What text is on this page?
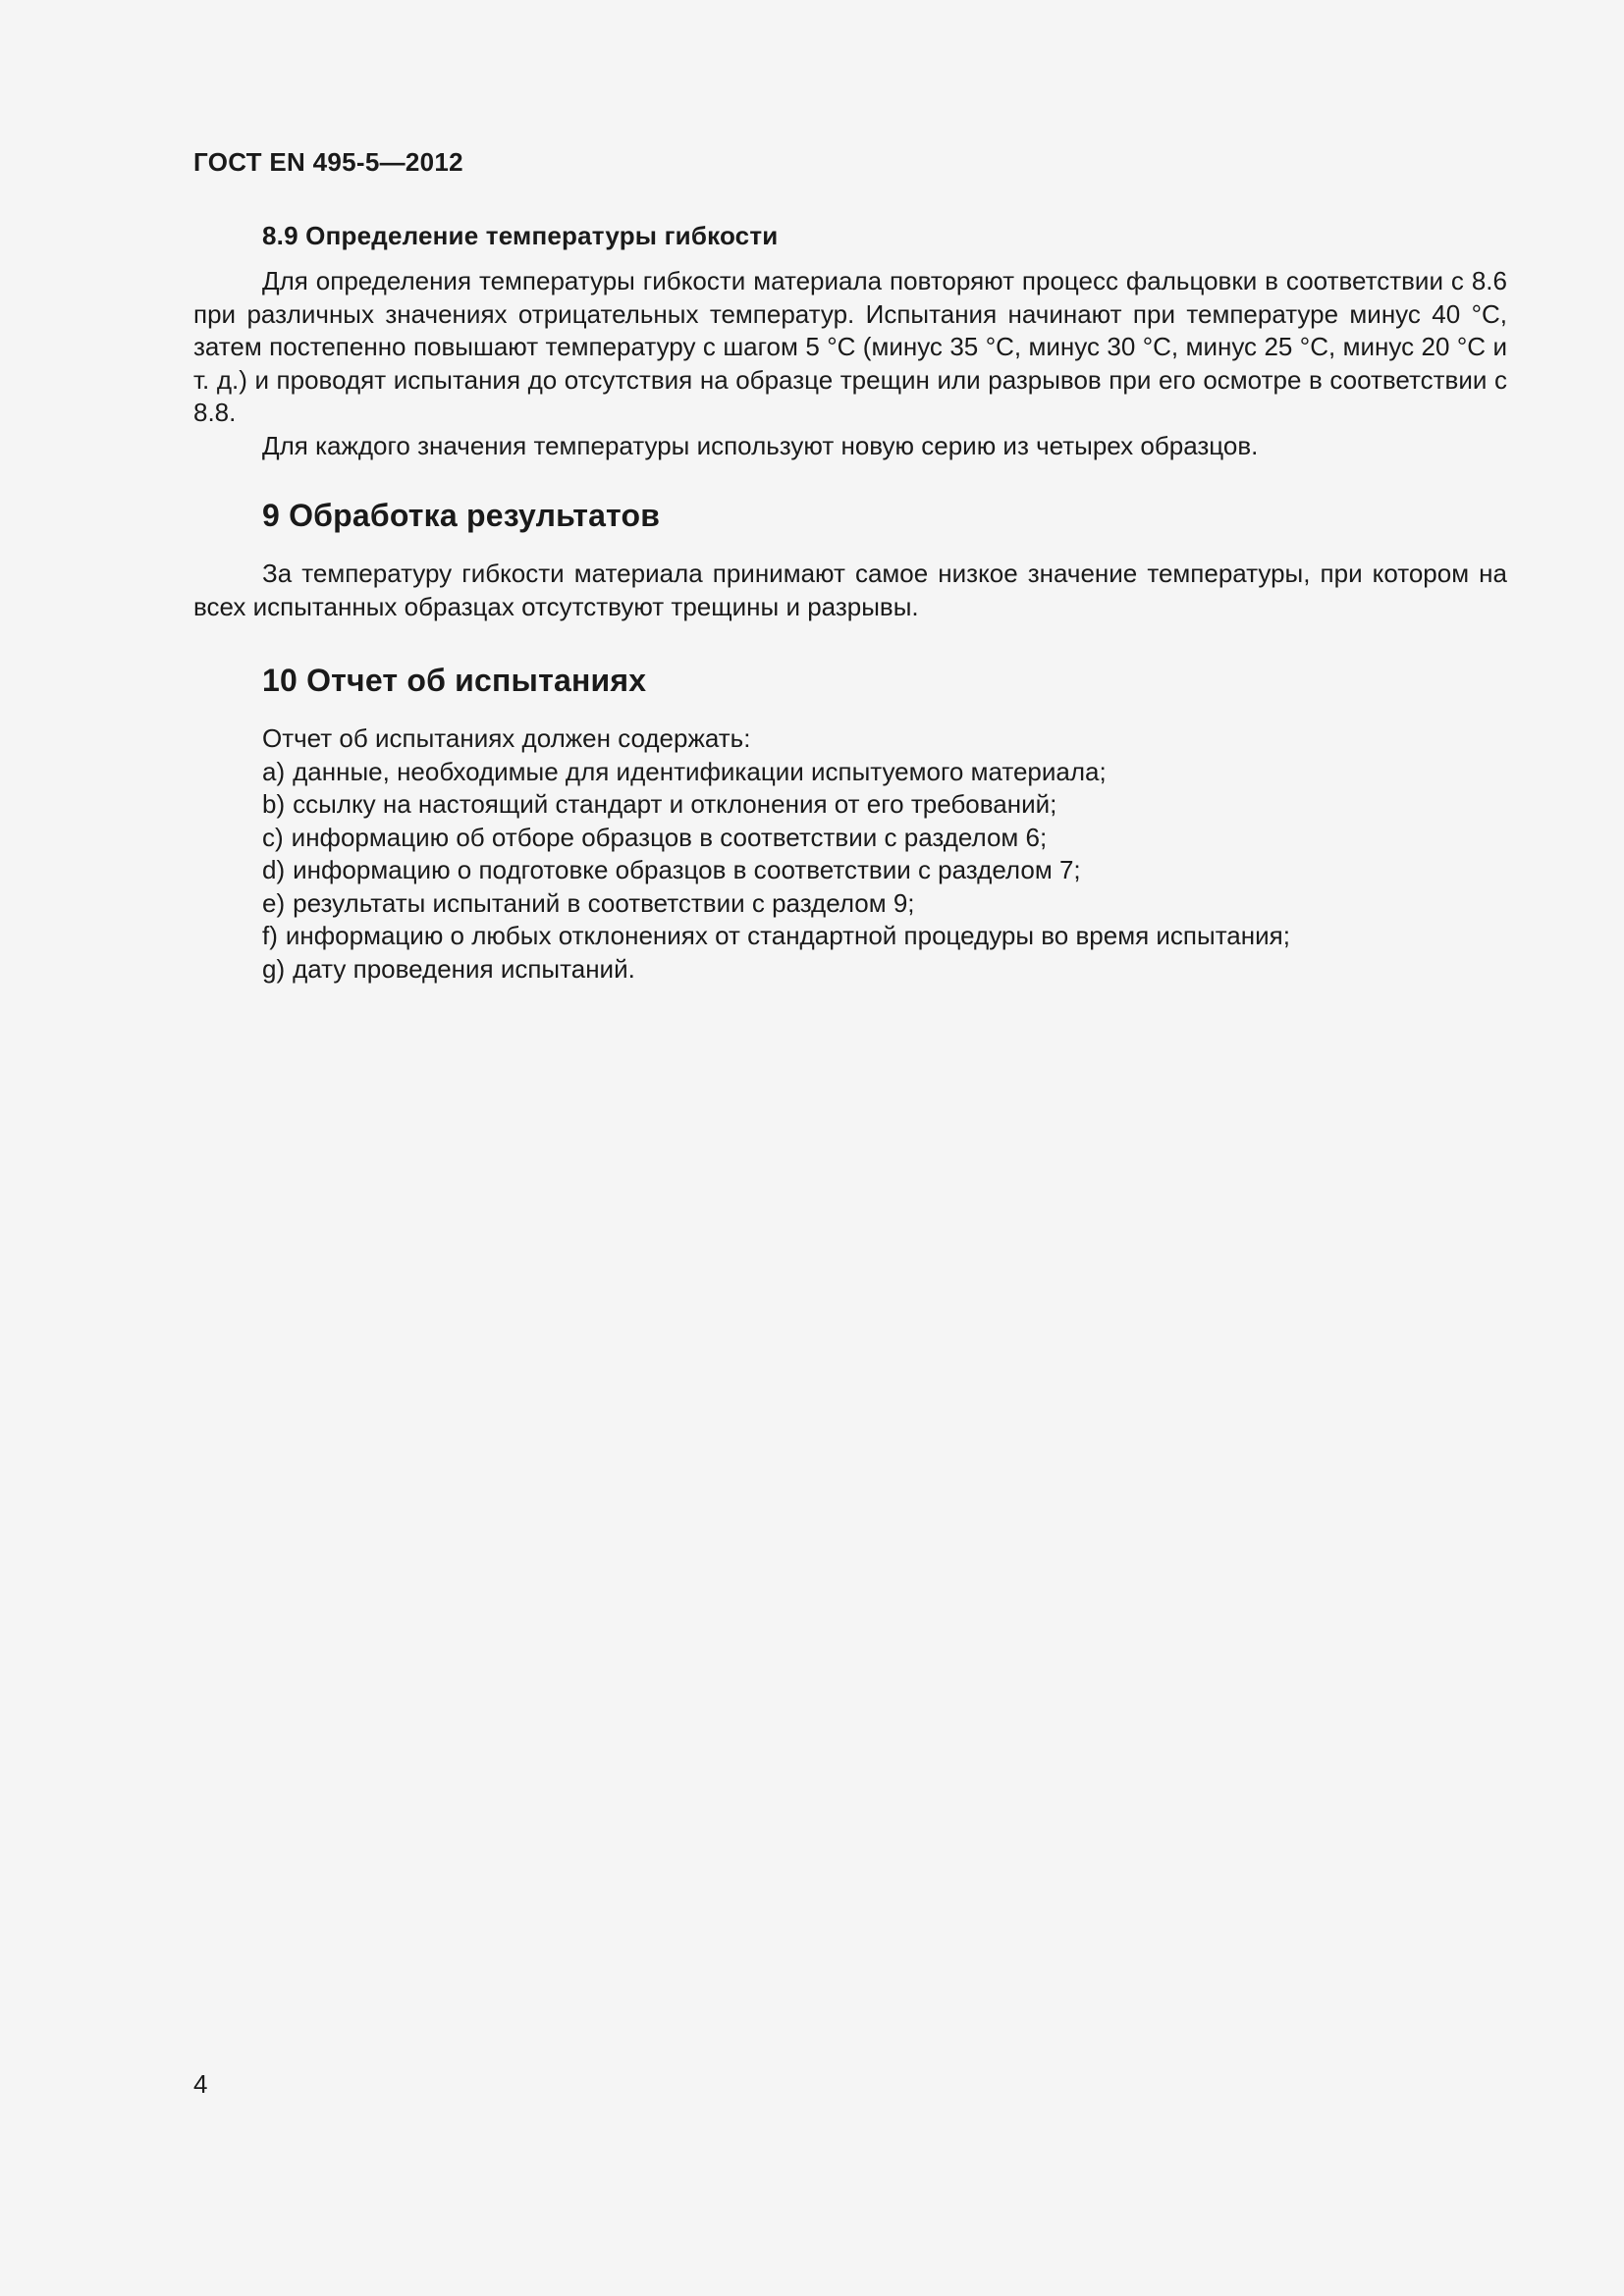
ГОСТ EN 495-5—2012
8.9 Определение температуры гибкости

Для определения температуры гибкости материала повторяют процесс фальцовки в соответствии с 8.6 при различных значениях отрицательных температур. Испытания начинают при температуре минус 40 °C, затем постепенно повышают температуру с шагом 5 °C (минус 35 °C, минус 30 °C, минус 25 °C, минус 20 °C и т. д.) и проводят испытания до отсутствия на образце трещин или разрывов при его осмотре в соответствии с 8.8.

Для каждого значения температуры используют новую серию из четырех образцов.

9 Обработка результатов

За температуру гибкости материала принимают самое низкое значение температуры, при котором на всех испытанных образцах отсутствуют трещины и разрывы.

10 Отчет об испытаниях
Отчет об испытаниях должен содержать:
a) данные, необходимые для идентификации испытуемого материала;
b) ссылку на настоящий стандарт и отклонения от его требований;
c) информацию об отборе образцов в соответствии с разделом 6;
d) информацию о подготовке образцов в соответствии с разделом 7;
e) результаты испытаний в соответствии с разделом 9;
f) информацию о любых отклонениях от стандартной процедуры во время испытания;
g) дату проведения испытаний.
4
